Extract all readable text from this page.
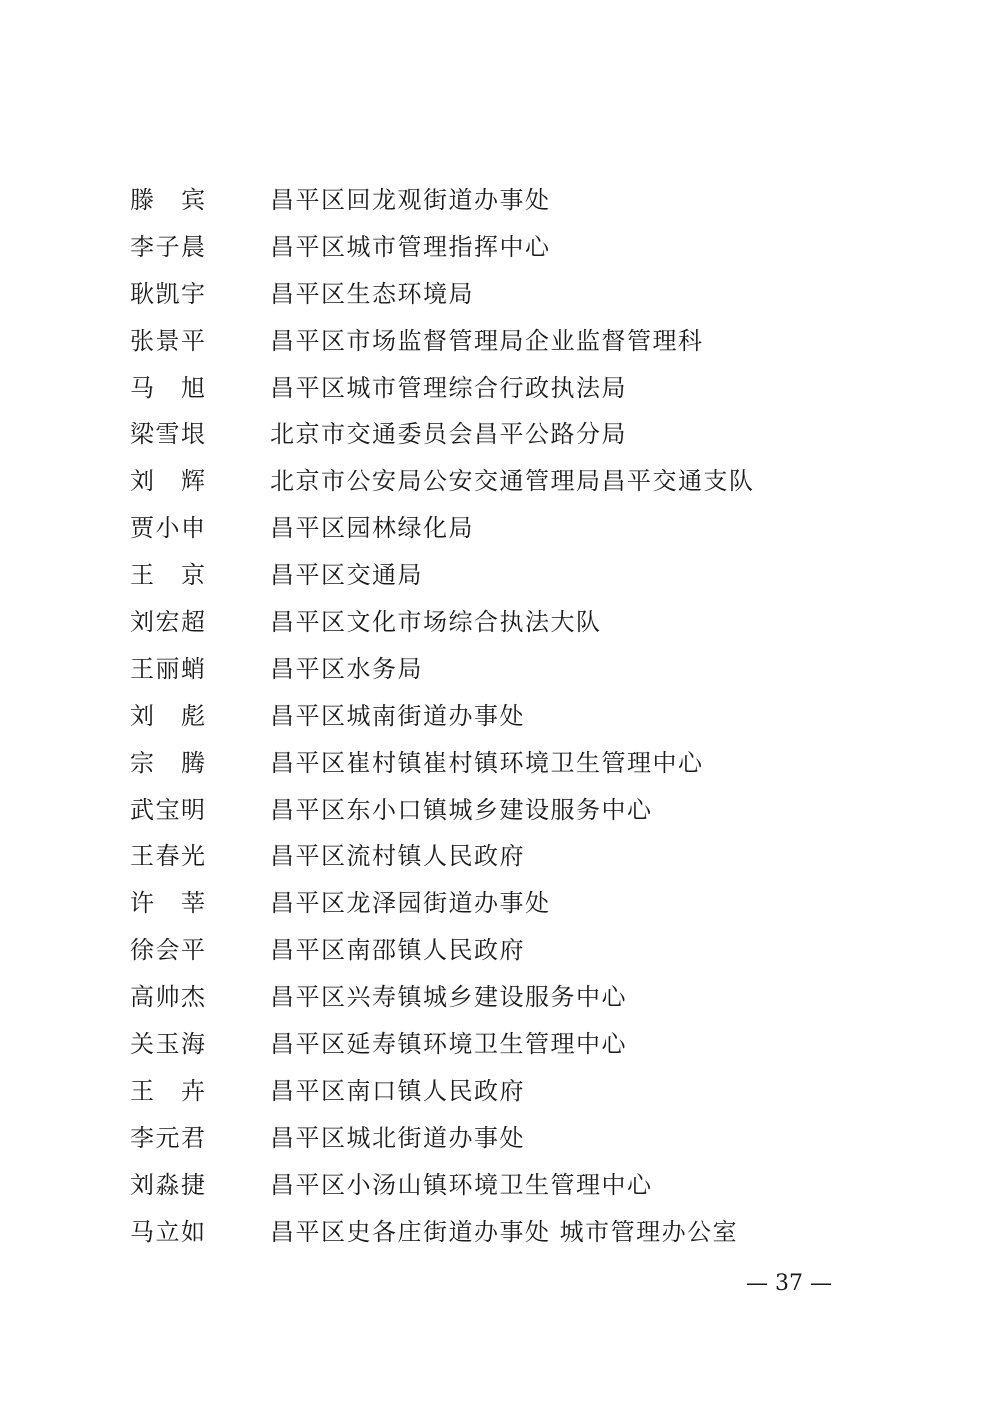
滕　宾	昌平区回龙观街道办事处
李子晨	昌平区城市管理指挥中心
耿凯宇	昌平区生态环境局
张景平	昌平区市场监督管理局企业监督管理科
马　旭	昌平区城市管理综合行政执法局
梁雪垠	北京市交通委员会昌平公路分局
刘　辉	北京市公安局公安交通管理局昌平交通支队
贾小申	昌平区园林绿化局
王　京	昌平区交通局
刘宏超	昌平区文化市场综合执法大队
王丽蛸	昌平区水务局
刘　彪	昌平区城南街道办事处
宗　腾	昌平区崔村镇崔村镇环境卫生管理中心
武宝明	昌平区东小口镇城乡建设服务中心
王春光	昌平区流村镇人民政府
许　莘	昌平区龙泽园街道办事处
徐会平	昌平区南邵镇人民政府
高帅杰	昌平区兴寿镇城乡建设服务中心
关玉海	昌平区延寿镇环境卫生管理中心
王　卉	昌平区南口镇人民政府
李元君	昌平区城北街道办事处
刘淼捷	昌平区小汤山镇环境卫生管理中心
马立如	昌平区史各庄街道办事处 城市管理办公室
— 37 —
